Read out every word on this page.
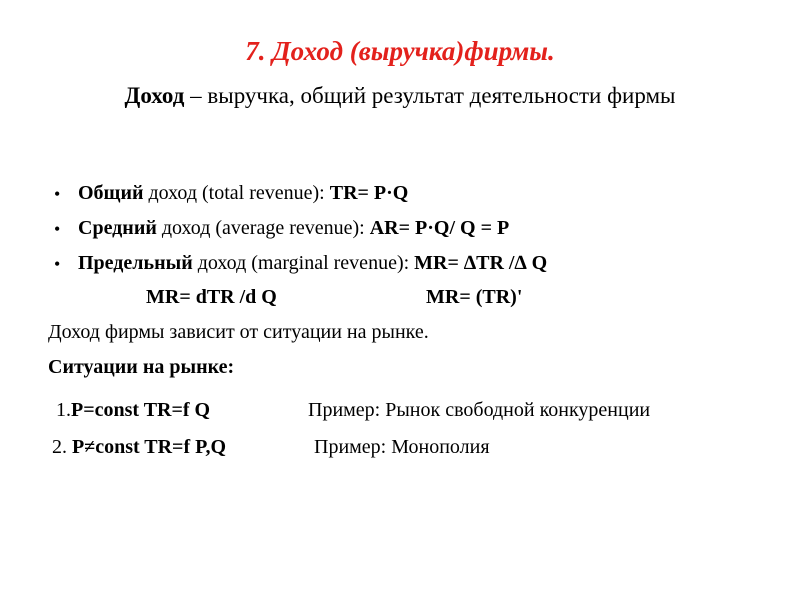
7. Доход (выручка)фирмы.
Доход – выручка, общий результат деятельности фирмы
• Общий доход (total revenue): TR= P·Q
• Средний доход (average revenue): AR= P·Q/ Q = P
• Предельный доход (marginal revenue): MR= ∆TR /∆ Q
MR= dTR /d Q	MR= (TR)'
Доход фирмы зависит от ситуации на рынке.
Ситуации на рынке:
1.P=const TR=f Q	Пример: Рынок свободной конкуренции
2. P≠const TR=f P,Q	Пример: Монополия
